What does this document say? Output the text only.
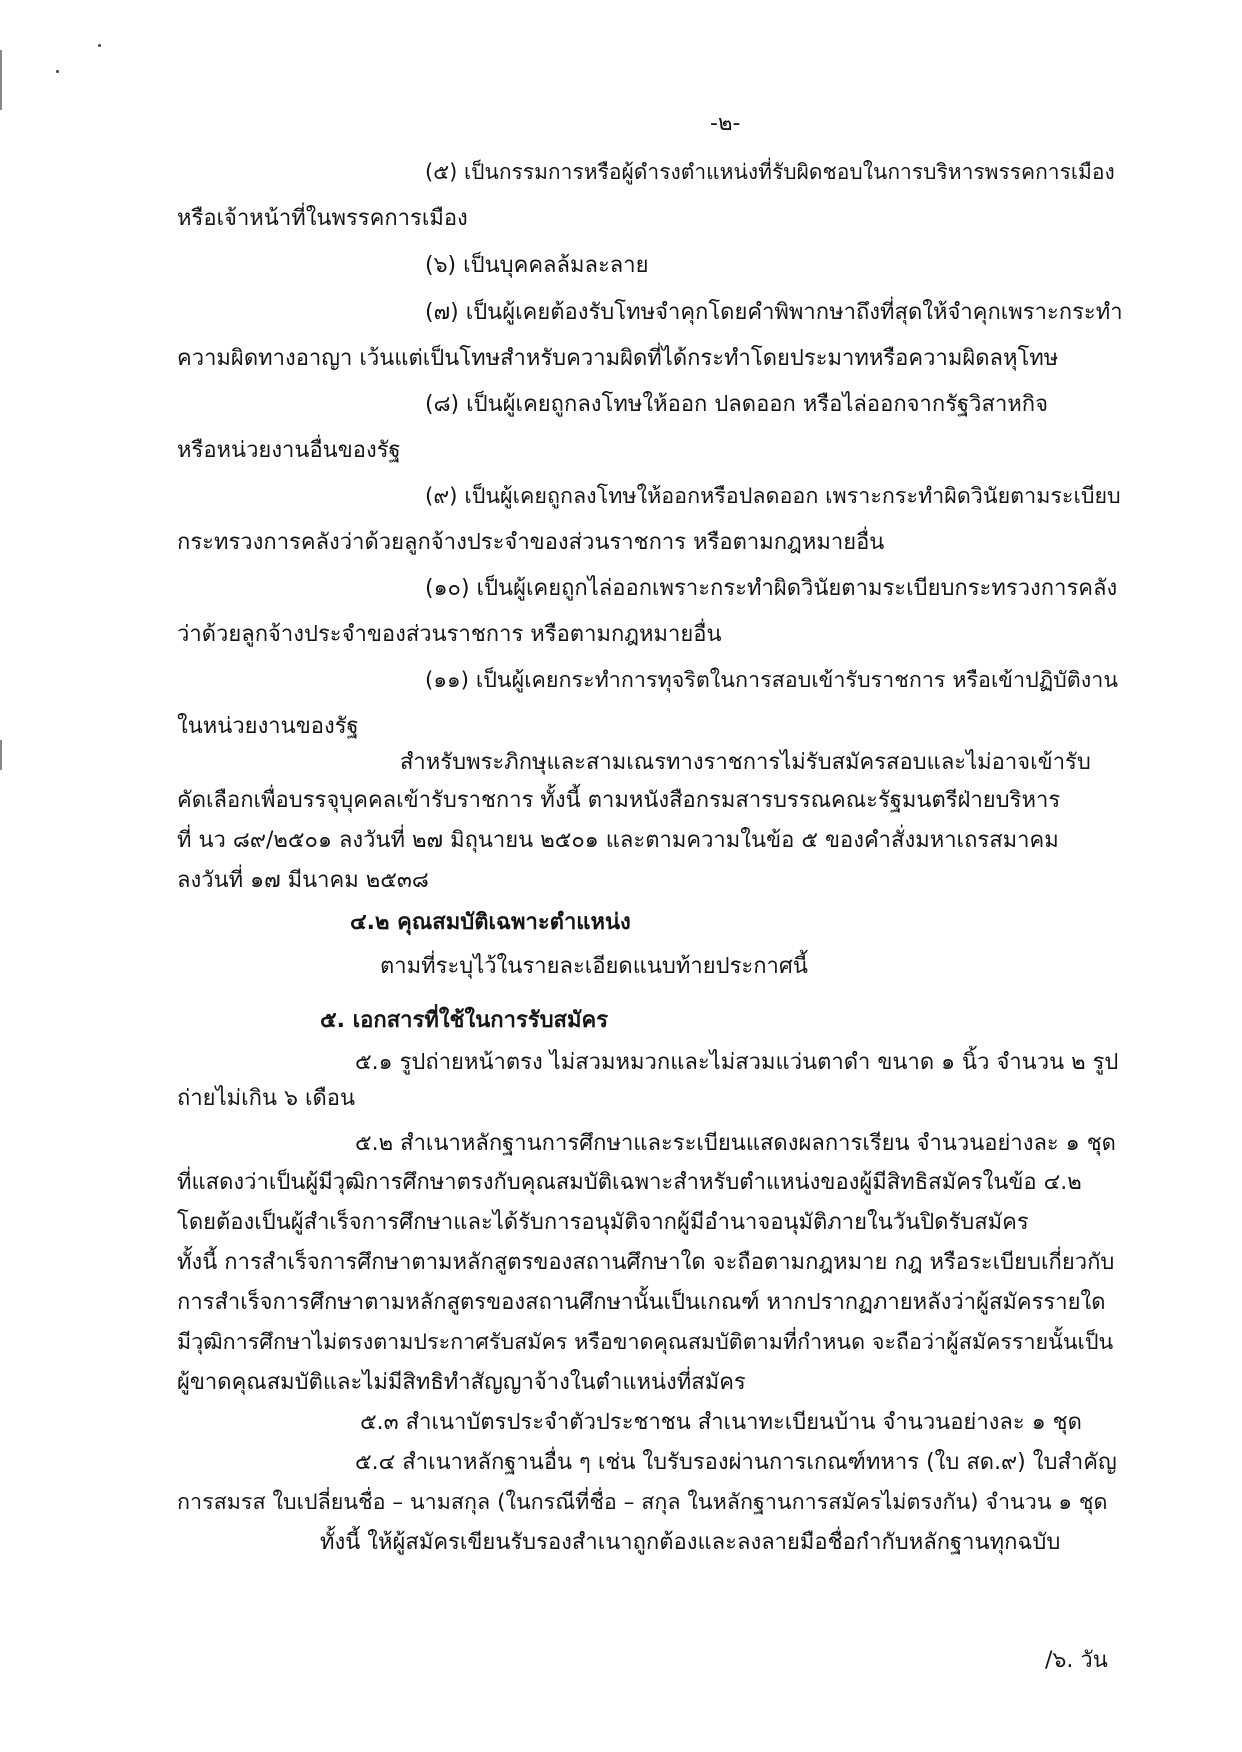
-๒-
(๕) เป็นกรรมการหรือผู้ดำรงตำแหน่งที่รับผิดชอบในการบริหารพรรคการเมือง
หรือเจ้าหน้าที่ในพรรคการเมือง
(๖) เป็นบุคคลล้มละลาย
(๗) เป็นผู้เคยต้องรับโทษจำคุกโดยคำพิพากษาถึงที่สุดให้จำคุกเพราะกระทำ
ความผิดทางอาญา เว้นแต่เป็นโทษสำหรับความผิดที่ได้กระทำโดยประมาทหรือความผิดลหุโทษ
(๘) เป็นผู้เคยถูกลงโทษให้ออก ปลดออก หรือไล่ออกจากรัฐวิสาหกิจ
หรือหน่วยงานอื่นของรัฐ
(๙) เป็นผู้เคยถูกลงโทษให้ออกหรือปลดออก เพราะกระทำผิดวินัยตามระเบียบ
กระทรวงการคลังว่าด้วยลูกจ้างประจำของส่วนราชการ หรือตามกฎหมายอื่น
(๑๐) เป็นผู้เคยถูกไล่ออกเพราะกระทำผิดวินัยตามระเบียบกระทรวงการคลัง
ว่าด้วยลูกจ้างประจำของส่วนราชการ หรือตามกฎหมายอื่น
(๑๑) เป็นผู้เคยกระทำการทุจริตในการสอบเข้ารับราชการ หรือเข้าปฏิบัติงาน
ในหน่วยงานของรัฐ
สำหรับพระภิกษุและสามเณรทางราชการไม่รับสมัครสอบและไม่อาจเข้ารับ
คัดเลือกเพื่อบรรจุบุคคลเข้ารับราชการ ทั้งนี้ ตามหนังสือกรมสารบรรณคณะรัฐมนตรีฝ่ายบริหาร
ที่ นว ๘๙/๒๕๐๑ ลงวันที่ ๒๗ มิถุนายน ๒๕๐๑ และตามความในข้อ ๕ ของคำสั่งมหาเถรสมาคม
ลงวันที่ ๑๗ มีนาคม ๒๕๓๘
๔.๒ คุณสมบัติเฉพาะตำแหน่ง
ตามที่ระบุไว้ในรายละเอียดแนบท้ายประกาศนี้
๕. เอกสารที่ใช้ในการรับสมัคร
๕.๑ รูปถ่ายหน้าตรง ไม่สวมหมวกและไม่สวมแว่นตาดำ ขนาด ๑ นิ้ว จำนวน ๒ รูป
ถ่ายไม่เกิน ๖ เดือน
๕.๒ สำเนาหลักฐานการศึกษาและระเบียนแสดงผลการเรียน จำนวนอย่างละ ๑ ชุด
ที่แสดงว่าเป็นผู้มีวุฒิการศึกษาตรงกับคุณสมบัติเฉพาะสำหรับตำแหน่งของผู้มีสิทธิสมัครในข้อ ๔.๒
โดยต้องเป็นผู้สำเร็จการศึกษาและได้รับการอนุมัติจากผู้มีอำนาจอนุมัติภายในวันปิดรับสมัคร
ทั้งนี้ การสำเร็จการศึกษาตามหลักสูตรของสถานศึกษาใด จะถือตามกฎหมาย กฎ หรือระเบียบเกี่ยวกับ
การสำเร็จการศึกษาตามหลักสูตรของสถานศึกษานั้นเป็นเกณฑ์ หากปรากฏภายหลังว่าผู้สมัครรายใด
มีวุฒิการศึกษาไม่ตรงตามประกาศรับสมัคร หรือขาดคุณสมบัติตามที่กำหนด จะถือว่าผู้สมัครรายนั้นเป็น
ผู้ขาดคุณสมบัติและไม่มีสิทธิทำสัญญาจ้างในตำแหน่งที่สมัคร
๕.๓ สำเนาบัตรประจำตัวประชาชน สำเนาทะเบียนบ้าน จำนวนอย่างละ ๑ ชุด
๕.๔ สำเนาหลักฐานอื่น ๆ เช่น ใบรับรองผ่านการเกณฑ์ทหาร (ใบ สด.๙) ใบสำคัญ
การสมรส ใบเปลี่ยนชื่อ – นามสกุล (ในกรณีที่ชื่อ – สกุล ในหลักฐานการสมัครไม่ตรงกัน) จำนวน ๑ ชุด
ทั้งนี้ ให้ผู้สมัครเขียนรับรองสำเนาถูกต้องและลงลายมือชื่อกำกับหลักฐานทุกฉบับ
/๖. วัน
